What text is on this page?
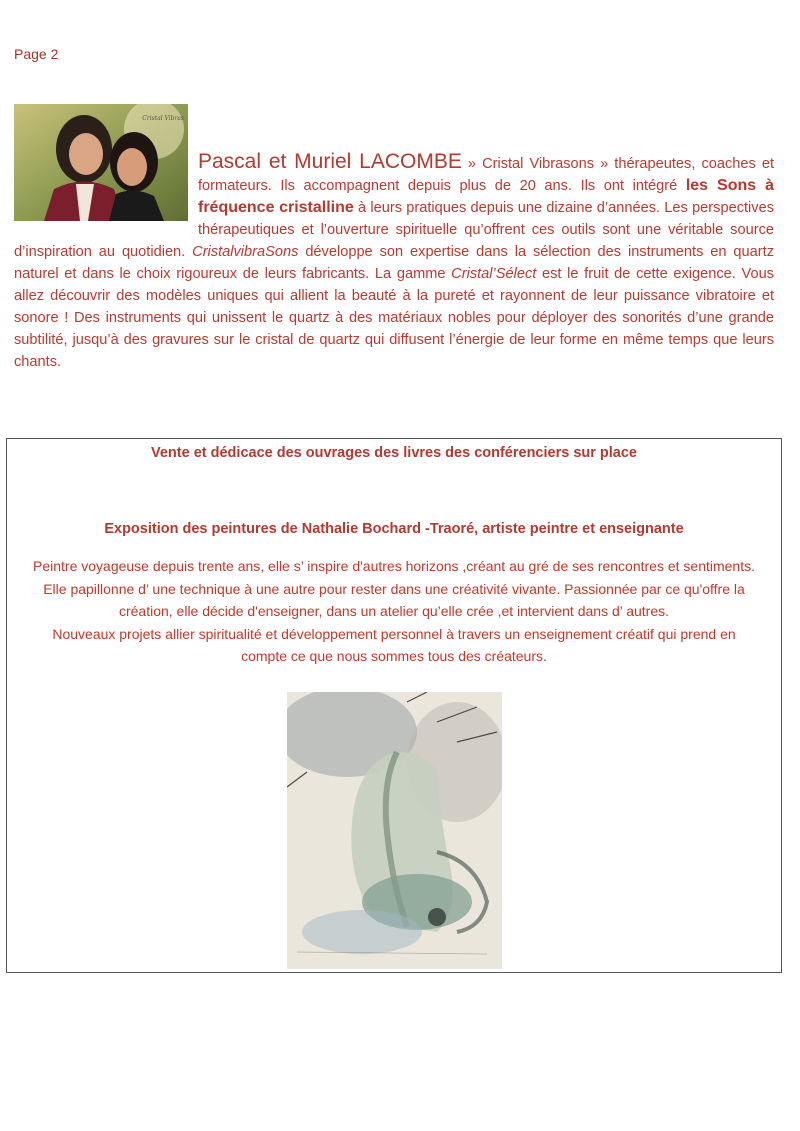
Page 2
Cristal Vibras
Pascal et Muriel LACOMBE » Cristal Vibrasons » thérapeutes, coaches et formateurs. Ils accompagnent depuis plus de 20 ans. Ils ont intégré les Sons à fréquence cristalline à leurs pratiques depuis une dizaine d’années. Les perspectives thérapeutiques et l’ouverture spirituelle qu’offrent ces outils sont une véritable source d’inspiration au quotidien. CristalvibraSons développe son expertise dans la sélection des instruments en quartz naturel et dans le choix rigoureux de leurs fabricants. La gamme Cristal’Sélect est le fruit de cette exigence. Vous allez découvrir des modèles uniques qui allient la beauté à la pureté et rayonnent de leur puissance vibratoire et sonore ! Des instruments qui unissent le quartz à des matériaux nobles pour déployer des sonorités d’une grande subtilité, jusqu’à des gravures sur le cristal de quartz qui diffusent l’énergie de leur forme en même temps que leurs chants.
Vente et dédicace des ouvrages des livres des conférenciers sur place
Exposition des peintures de Nathalie Bochard -Traoré, artiste peintre et enseignante
Peintre voyageuse depuis trente ans, elle s’ inspire d'autres horizons ,créant au gré de ses rencontres et sentiments.
Elle papillonne d’ une technique à une autre pour rester dans une créativité vivante. Passionnée par ce qu'offre la
création, elle décide d'enseigner, dans un atelier qu’elle crée ,et intervient dans d’ autres.
Nouveaux projets allier spiritualité et développement personnel à travers un enseignement créatif qui prend en
compte ce que nous sommes tous des créateurs.
